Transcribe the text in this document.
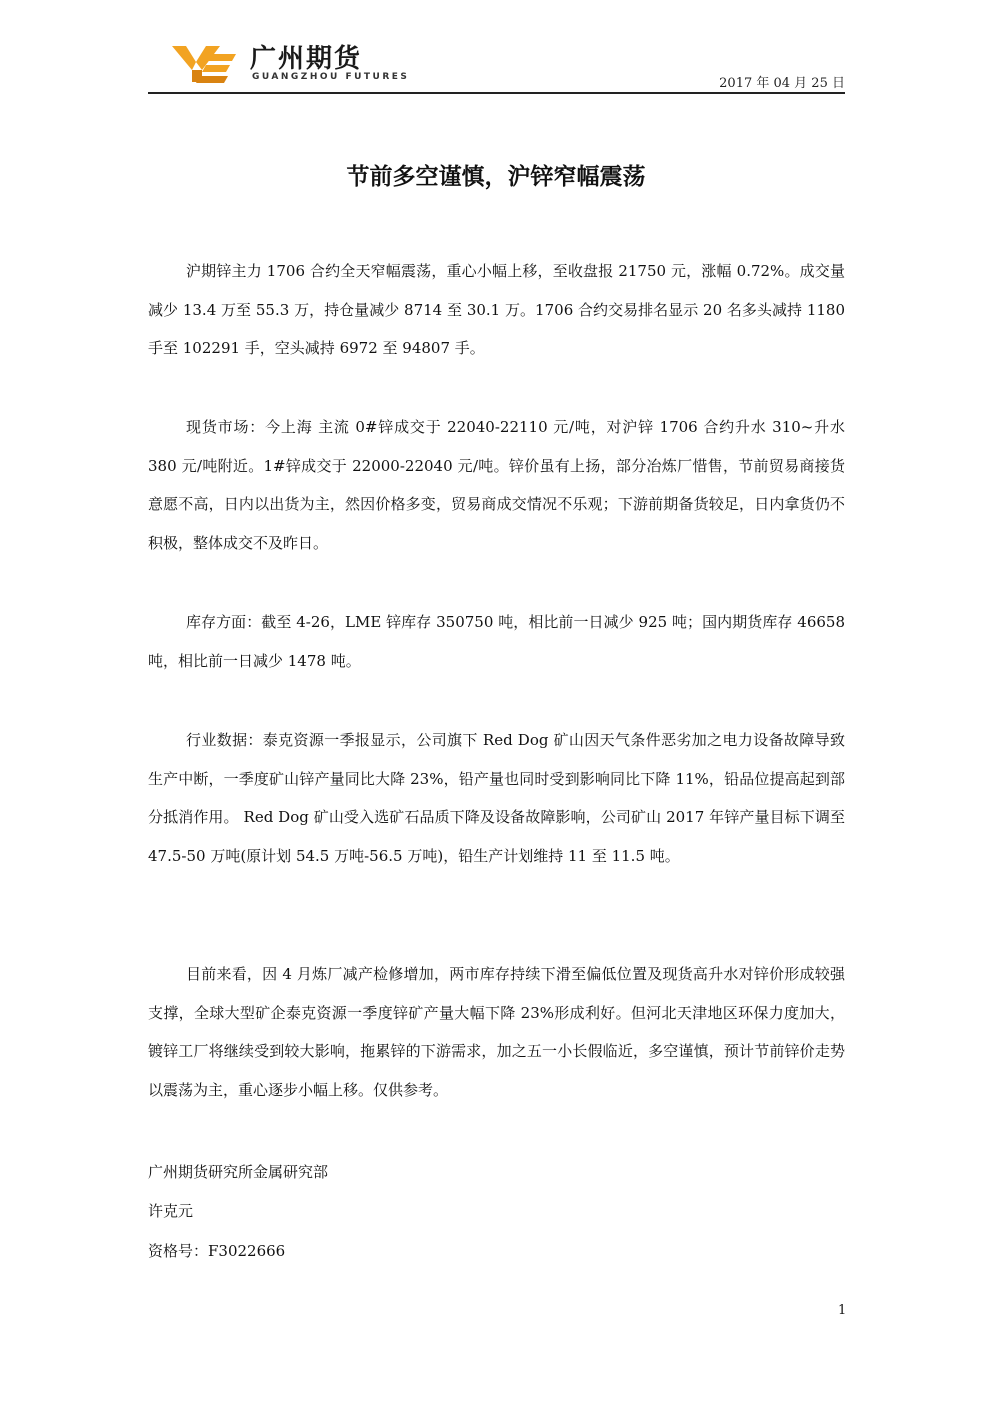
广州期货
GUANGZHOU FUTURES	2017 年 04 月 25 日
节前多空谨慎，沪锌窄幅震荡

沪期锌主力 1706 合约全天窄幅震荡，重心小幅上移，至收盘报 21750 元，涨幅 0.72%。成交量减少 13.4 万至 55.3 万，持仓量减少 8714 至 30.1 万。1706 合约交易排名显示 20 名多头减持 1180 手至 102291 手，空头减持 6972 至 94807 手。

现货市场：今上海 主流 0#锌成交于 22040-22110 元/吨，对沪锌 1706 合约升水 310~升水 380 元/吨附近。1#锌成交于 22000-22040 元/吨。锌价虽有上扬，部分冶炼厂惜售，节前贸易商接货意愿不高，日内以出货为主，然因价格多变，贸易商成交情况不乐观；下游前期备货较足，日内拿货仍不积极，整体成交不及昨日。

库存方面：截至 4-26，LME 锌库存 350750 吨，相比前一日减少 925 吨；国内期货库存 46658 吨，相比前一日减少 1478 吨。

行业数据：泰克资源一季报显示，公司旗下 Red Dog 矿山因天气条件恶劣加之电力设备故障导致生产中断，一季度矿山锌产量同比大降 23%，铅产量也同时受到影响同比下降 11%，铅品位提高起到部分抵消作用。 Red Dog 矿山受入选矿石品质下降及设备故障影响，公司矿山 2017 年锌产量目标下调至 47.5-50 万吨(原计划 54.5 万吨-56.5 万吨)，铅生产计划维持 11 至 11.5 吨。

目前来看，因 4 月炼厂减产检修增加，两市库存持续下滑至偏低位置及现货高升水对锌价形成较强支撑，全球大型矿企泰克资源一季度锌矿产量大幅下降 23%形成利好。但河北天津地区环保力度加大，镀锌工厂将继续受到较大影响，拖累锌的下游需求，加之五一小长假临近，多空谨慎，预计节前锌价走势以震荡为主，重心逐步小幅上移。仅供参考。

广州期货研究所金属研究部

许克元

资格号：F3022666

1
